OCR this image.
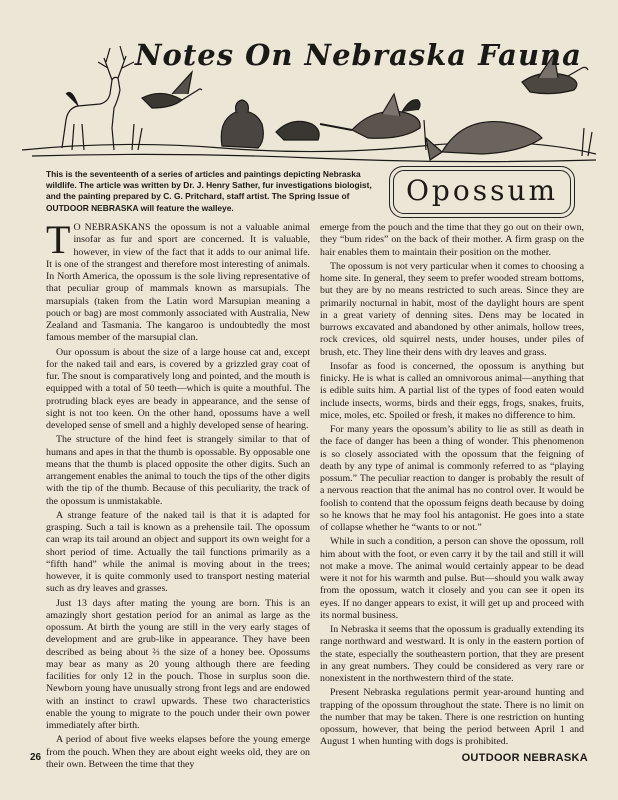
Notes On Nebraska Fauna
This is the seventeenth of a series of articles and paintings depicting Nebraska wildlife. The article was written by Dr. J. Henry Sather, fur investigations biologist, and the painting prepared by C. G. Pritchard, staff artist. The Spring Issue of OUTDOOR NEBRASKA will feature the walleye.
Opossum

T O NEBRASKANS the opossum is not a valuable animal insofar as fur and sport are concerned. It is valuable, however, in view of the fact that it adds to our animal life. It is one of the strangest and therefore most interesting of animals. In North America, the opossum is the sole living representative of that peculiar group of mammals known as marsupials. The marsupials (taken from the Latin word Marsupian meaning a pouch or bag) are most commonly associated with Australia, New Zealand and Tasmania. The kangaroo is undoubtedly the most famous member of the marsupial clan.

Our opossum is about the size of a large house cat and, except for the naked tail and ears, is covered by a grizzled gray coat of fur. The snout is comparatively long and pointed, and the mouth is equipped with a total of 50 teeth—which is quite a mouthful. The protruding black eyes are beady in appearance, and the sense of sight is not too keen. On the other hand, opossums have a well developed sense of smell and a highly developed sense of hearing.

The structure of the hind feet is strangely similar to that of humans and apes in that the thumb is opossable. By opposable one means that the thumb is placed opposite the other digits. Such an arrangement enables the animal to touch the tips of the other digits with the tip of the thumb. Because of this peculiarity, the track of the opossum is unmistakable.

A strange feature of the naked tail is that it is adapted for grasping. Such a tail is known as a prehensile tail. The opossum can wrap its tail around an object and support its own weight for a short period of time. Actually the tail functions primarily as a “fifth hand” while the animal is moving about in the trees; however, it is quite commonly used to transport nesting material such as dry leaves and grasses.

Just 13 days after mating the young are born. This is an amazingly short gestation period for an animal as large as the opossum. At birth the young are still in the very early stages of development and are grub-like in appearance. They have been described as being about ⅔ the size of a honey bee. Opossums may bear as many as 20 young although there are feeding facilities for only 12 in the pouch. Those in surplus soon die. Newborn young have unusually strong front legs and are endowed with an instinct to crawl upwards. These two characteristics enable the young to migrate to the pouch under their own power immediately after birth.

A period of about five weeks elapses before the young emerge from the pouch. When they are about eight weeks old, they are on their own. Between the time that they

emerge from the pouch and the time that they go out on their own, they “bum rides” on the back of their mother. A firm grasp on the hair enables them to maintain their position on the mother.

The opossum is not very particular when it comes to choosing a home site. In general, they seem to prefer wooded stream bottoms, but they are by no means restricted to such areas. Since they are primarily nocturnal in habit, most of the daylight hours are spent in a great variety of denning sites. Dens may be located in burrows excavated and abandoned by other animals, hollow trees, rock crevices, old squirrel nests, under houses, under piles of brush, etc. They line their dens with dry leaves and grass.

Insofar as food is concerned, the opossum is anything but finicky. He is what is called an omnivorous animal—anything that is edible suits him. A partial list of the types of food eaten would include insects, worms, birds and their eggs, frogs, snakes, fruits, mice, moles, etc. Spoiled or fresh, it makes no difference to him.

For many years the opossum’s ability to lie as still as death in the face of danger has been a thing of wonder. This phenomenon is so closely associated with the opossum that the feigning of death by any type of animal is commonly referred to as “playing possum.” The peculiar reaction to danger is probably the result of a nervous reaction that the animal has no control over. It would be foolish to contend that the opossum feigns death because by doing so he knows that he may fool his antagonist. He goes into a state of collapse whether he “wants to or not.”

While in such a condition, a person can shove the opossum, roll him about with the foot, or even carry it by the tail and still it will not make a move. The animal would certainly appear to be dead were it not for his warmth and pulse. But—should you walk away from the opossum, watch it closely and you can see it open its eyes. If no danger appears to exist, it will get up and proceed with its normal business.

In Nebraska it seems that the opossum is gradually extending its range northward and westward. It is only in the eastern portion of the state, especially the southeastern portion, that they are present in any great numbers. They could be considered as very rare or nonexistent in the northwestern third of the state.

Present Nebraska regulations permit year-around hunting and trapping of the opossum throughout the state. There is no limit on the number that may be taken. There is one restriction on hunting opossum, however, that being the period between April 1 and August 1 when hunting with dogs is prohibited.

26	OUTDOOR NEBRASKA
